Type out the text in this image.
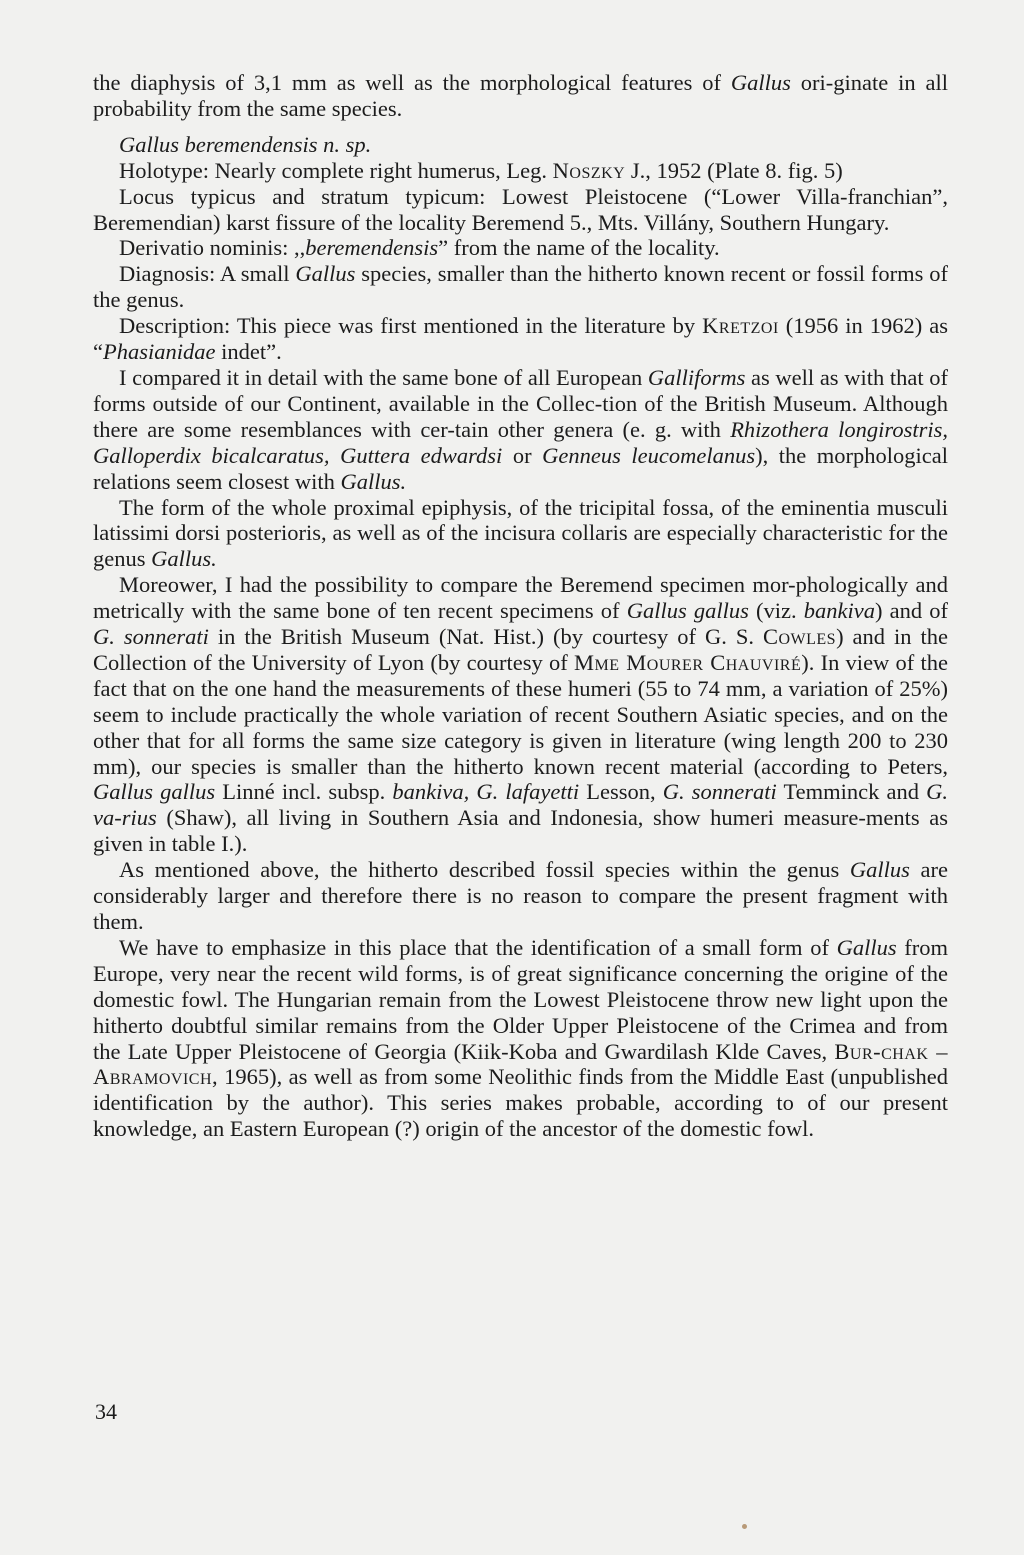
the diaphysis of 3,1 mm as well as the morphological features of Gallus ori-ginate in all probability from the same species.

Gallus beremendensis n. sp.

Holotype: Nearly complete right humerus, Leg. Noszky J., 1952 (Plate 8. fig. 5)

Locus typicus and stratum typicum: Lowest Pleistocene (“Lower Villa-franchian”, Beremendian) karst fissure of the locality Beremend 5., Mts. Villány, Southern Hungary.

Derivatio nominis: ,,beremendensis” from the name of the locality.

Diagnosis: A small Gallus species, smaller than the hitherto known recent or fossil forms of the genus.

Description: This piece was first mentioned in the literature by Kretzoi (1956 in 1962) as “Phasianidae indet”.

I compared it in detail with the same bone of all European Galliforms as well as with that of forms outside of our Continent, available in the Collec-tion of the British Museum. Although there are some resemblances with cer-tain other genera (e. g. with Rhizothera longirostris, Galloperdix bicalcaratus, Guttera edwardsi or Genneus leucomelanus), the morphological relations seem closest with Gallus.

The form of the whole proximal epiphysis, of the tricipital fossa, of the eminentia musculi latissimi dorsi posterioris, as well as of the incisura collaris are especially characteristic for the genus Gallus.

Moreower, I had the possibility to compare the Beremend specimen mor-phologically and metrically with the same bone of ten recent specimens of Gallus gallus (viz. bankiva) and of G. sonnerati in the British Museum (Nat. Hist.) (by courtesy of G. S. Cowles) and in the Collection of the University of Lyon (by courtesy of Mme Mourer Chauviré). In view of the fact that on the one hand the measurements of these humeri (55 to 74 mm, a variation of 25%) seem to include practically the whole variation of recent Southern Asiatic species, and on the other that for all forms the same size category is given in literature (wing length 200 to 230 mm), our species is smaller than the hitherto known recent material (according to Peters, Gallus gallus Linné incl. subsp. bankiva, G. lafayetti Lesson, G. sonnerati Temminck and G. va-rius (Shaw), all living in Southern Asia and Indonesia, show humeri measure-ments as given in table I.).

As mentioned above, the hitherto described fossil species within the genus Gallus are considerably larger and therefore there is no reason to compare the present fragment with them.

We have to emphasize in this place that the identification of a small form of Gallus from Europe, very near the recent wild forms, is of great significance concerning the origine of the domestic fowl. The Hungarian remain from the Lowest Pleistocene throw new light upon the hitherto doubtful similar remains from the Older Upper Pleistocene of the Crimea and from the Late Upper Pleistocene of Georgia (Kiik-Koba and Gwardilash Klde Caves, Bur-chak – Abramovich, 1965), as well as from some Neolithic finds from the Middle East (unpublished identification by the author). This series makes probable, according to of our present knowledge, an Eastern European (?) origin of the ancestor of the domestic fowl.

34
